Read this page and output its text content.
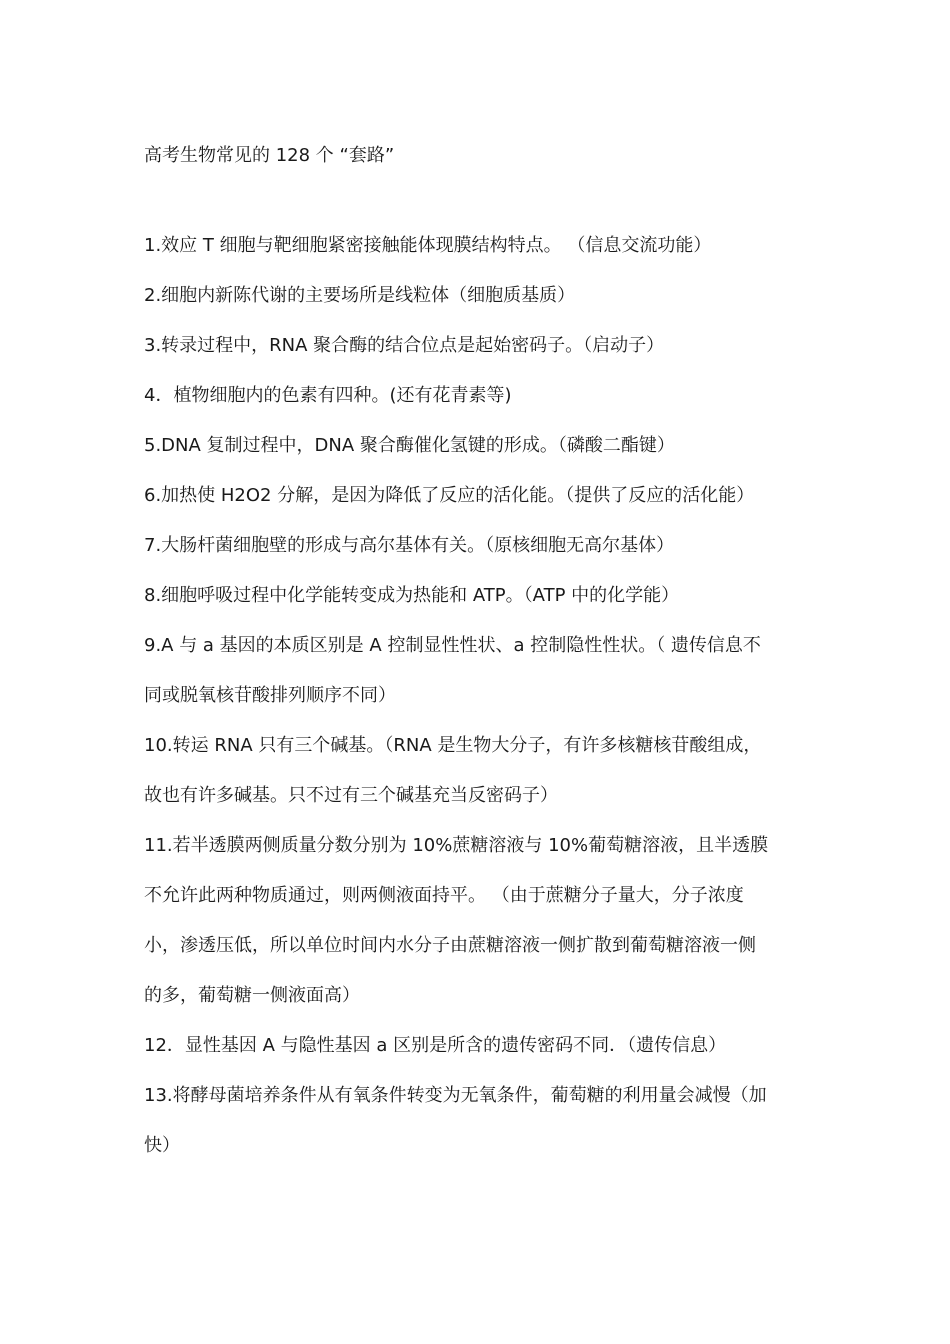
高考生物常见的 128 个 “套路”
1.效应 T 细胞与靶细胞紧密接触能体现膜结构特点。 （信息交流功能）
2.细胞内新陈代谢的主要场所是线粒体（细胞质基质）
3.转录过程中，RNA 聚合酶的结合位点是起始密码子。（启动子）
4．植物细胞内的色素有四种。(还有花青素等)
5.DNA 复制过程中，DNA 聚合酶催化氢键的形成。（磷酸二酯键）
6.加热使 H2O2 分解，是因为降低了反应的活化能。（提供了反应的活化能）
7.大肠杆菌细胞壁的形成与高尔基体有关。（原核细胞无高尔基体）
8.细胞呼吸过程中化学能转变成为热能和 ATP。（ATP 中的化学能）
9.A 与 a 基因的本质区别是 A 控制显性性状、a 控制隐性性状。（ 遗传信息不
同或脱氧核苷酸排列顺序不同）
10.转运 RNA 只有三个碱基。（RNA 是生物大分子，有许多核糖核苷酸组成，
故也有许多碱基。只不过有三个碱基充当反密码子）
11.若半透膜两侧质量分数分别为 10%蔗糖溶液与 10%葡萄糖溶液，且半透膜
不允许此两种物质通过，则两侧液面持平。 （由于蔗糖分子量大，分子浓度
小，渗透压低，所以单位时间内水分子由蔗糖溶液一侧扩散到葡萄糖溶液一侧
的多，葡萄糖一侧液面高）
12．显性基因 A 与隐性基因 a 区别是所含的遗传密码不同．（遗传信息）
13.将酵母菌培养条件从有氧条件转变为无氧条件，葡萄糖的利用量会减慢（加
快）
